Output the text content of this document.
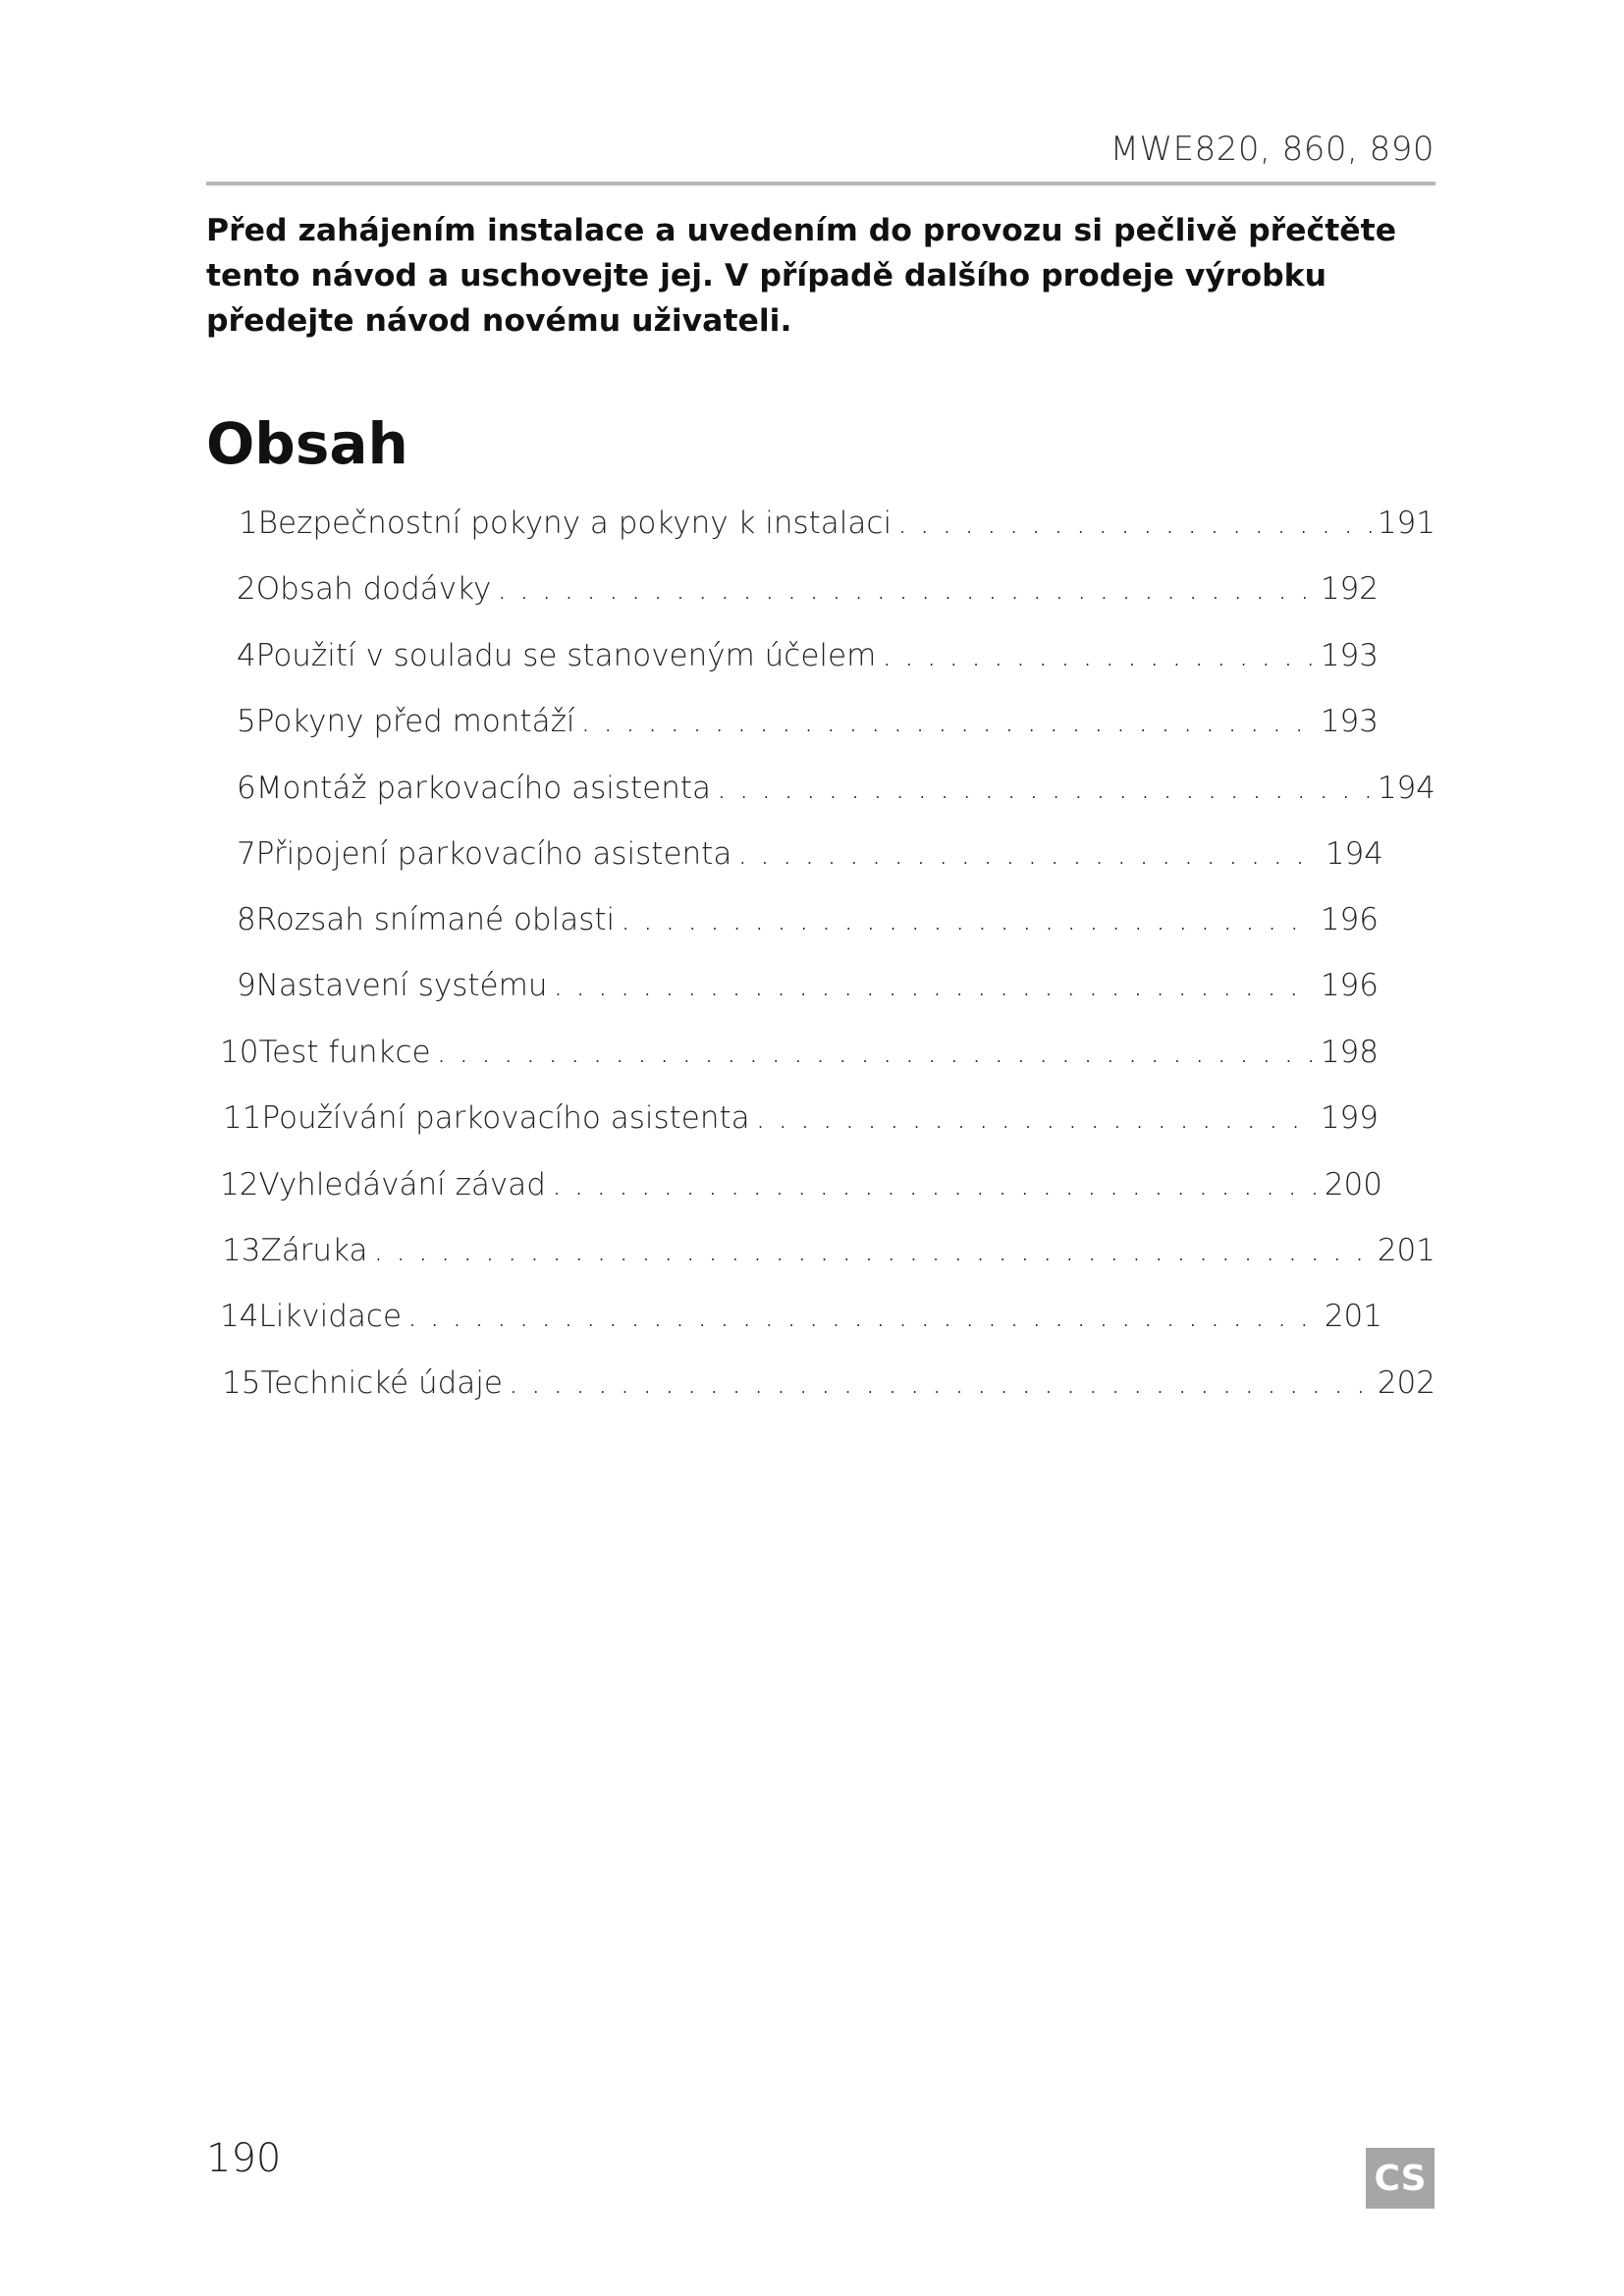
MWE820, 860, 890
Před zahájením instalace a uvedením do provozu si pečlivě přečtěte tento návod a uschovejte jej. V případě dalšího prodeje výrobku předejte návod novému uživateli.
Obsah
1 Bezpečnostní pokyny a pokyny k instalaci . . .	191
2 Obsah dodávky . . .	192
4 Použití v souladu se stanoveným účelem . . .	193
5 Pokyny před montáží . . .	193
6 Montáž parkovacího asistenta . . .	194
7 Připojení parkovacího asistenta . . .	194
8 Rozsah snímané oblasti . . .	196
9 Nastavení systému . . .	196
10 Test funkce . . .	198
11 Používání parkovacího asistenta . . .	199
12 Vyhledávání závad . . .	200
13 Záruka . . .	201
14 Likvidace . . .	201
15 Technické údaje . . .	202
190	CS
